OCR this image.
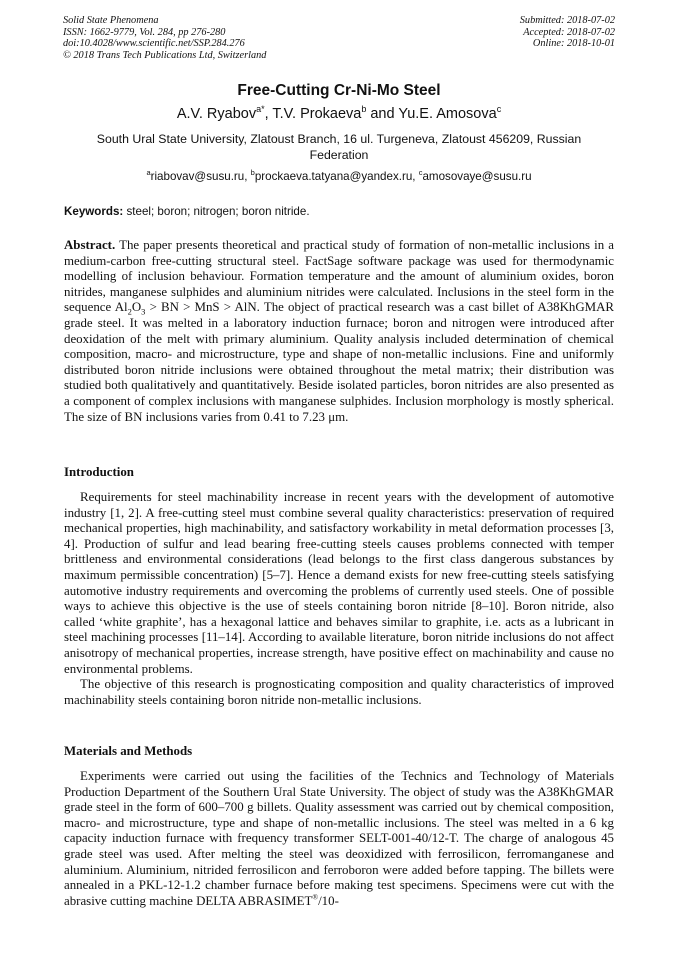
Solid State Phenomena
ISSN: 1662-9779, Vol. 284, pp 276-280
doi:10.4028/www.scientific.net/SSP.284.276
© 2018 Trans Tech Publications Ltd, Switzerland
Submitted: 2018-07-02
Accepted: 2018-07-02
Online: 2018-10-01
Free-Cutting Cr-Ni-Mo Steel
A.V. Ryabov$^{a*}$, T.V. Prokaeva$^b$ and Yu.E. Amosova$^c$
South Ural State University, Zlatoust Branch, 16 ul. Turgeneva, Zlatoust 456209, Russian Federation
$^a$riabovav@susu.ru, $^b$prockaeva.tatyana@yandex.ru, $^c$amosovaye@susu.ru
Keywords: steel; boron; nitrogen; boron nitride.

Abstract. The paper presents theoretical and practical study of formation of non-metallic inclusions in a medium-carbon free-cutting structural steel. FactSage software package was used for thermodynamic modelling of inclusion behaviour. Formation temperature and the amount of aluminium oxides, boron nitrides, manganese sulphides and aluminium nitrides were calculated. Inclusions in the steel form in the sequence $Al_2O_3$ > BN > MnS > AlN. The object of practical research was a cast billet of A38KhGMAR grade steel. It was melted in a laboratory induction furnace; boron and nitrogen were introduced after deoxidation of the melt with primary aluminium. Quality analysis included determination of chemical composition, macro- and microstructure, type and shape of non-metallic inclusions. Fine and uniformly distributed boron nitride inclusions were obtained throughout the metal matrix; their distribution was studied both qualitatively and quantitatively. Beside isolated particles, boron nitrides are also presented as a component of complex inclusions with manganese sulphides. Inclusion morphology is mostly spherical. The size of BN inclusions varies from 0.41 to 7.23 μm.

Introduction

Requirements for steel machinability increase in recent years with the development of automotive industry [1, 2]. A free-cutting steel must combine several quality characteristics: preservation of required mechanical properties, high machinability, and satisfactory workability in metal deformation processes [3, 4]. Production of sulfur and lead bearing free-cutting steels causes problems connected with temper brittleness and environmental considerations (lead belongs to the first class dangerous substances by maximum permissible concentration) [5–7]. Hence a demand exists for new free-cutting steels satisfying automotive industry requirements and overcoming the problems of currently used steels. One of possible ways to achieve this objective is the use of steels containing boron nitride [8–10]. Boron nitride, also called ‘white graphite’, has a hexagonal lattice and behaves similar to graphite, i.e. acts as a lubricant in steel machining processes [11–14]. According to available literature, boron nitride inclusions do not affect anisotropy of mechanical properties, increase strength, have positive effect on machinability and cause no environmental problems.

The objective of this research is prognosticating composition and quality characteristics of improved machinability steels containing boron nitride non-metallic inclusions.

Materials and Methods

Experiments were carried out using the facilities of the Technics and Technology of Materials Production Department of the Southern Ural State University. The object of study was the A38KhGMAR grade steel in the form of 600–700 g billets. Quality assessment was carried out by chemical composition, macro- and microstructure, type and shape of non-metallic inclusions. The steel was melted in a 6 kg capacity induction furnace with frequency transformer SELT-001-40/12-T. The charge of analogous 45 grade steel was used. After melting the steel was deoxidized with ferrosilicon, ferromanganese and aluminium. Aluminium, nitrided ferrosilicon and ferroboron were added before tapping. The billets were annealed in a PKL-12-1.2 chamber furnace before making test specimens. Specimens were cut with the abrasive cutting machine DELTA ABRASIMET®/10-
